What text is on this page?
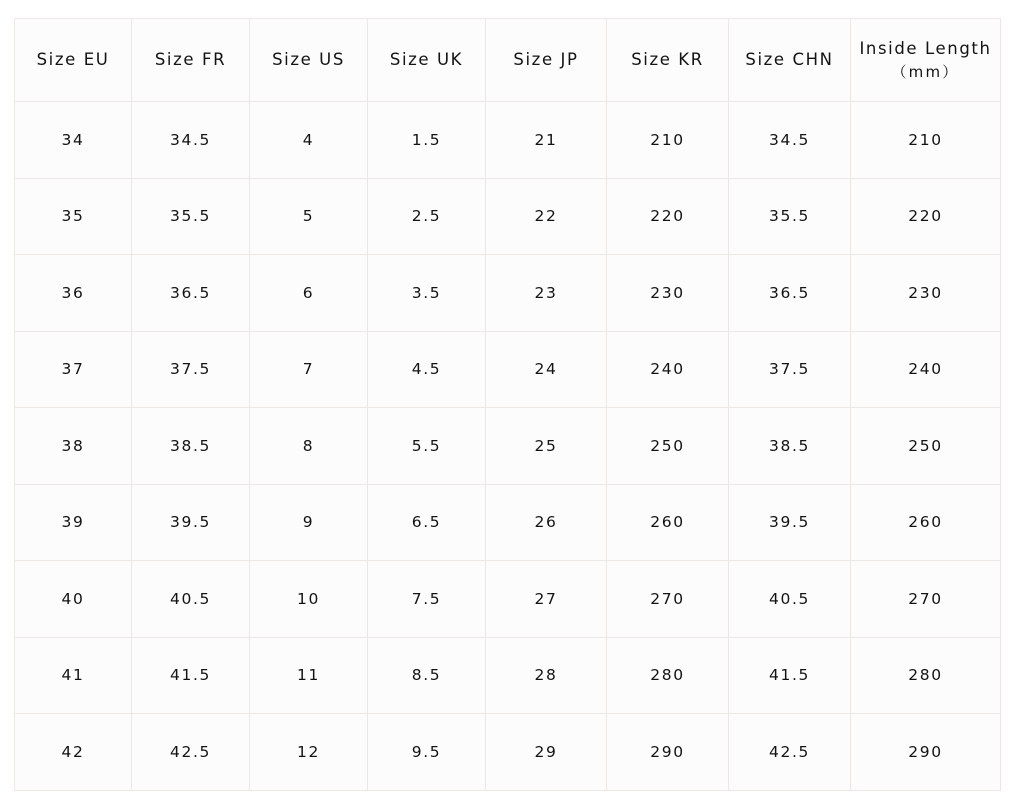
Size EU	Size FR	Size US	Size UK	Size JP	Size KR	Size CHN	Inside Length
（mm）

34	34.5	4	1.5	21	210	34.5	210
35	35.5	5	2.5	22	220	35.5	220
36	36.5	6	3.5	23	230	36.5	230
37	37.5	7	4.5	24	240	37.5	240
38	38.5	8	5.5	25	250	38.5	250
39	39.5	9	6.5	26	260	39.5	260
40	40.5	10	7.5	27	270	40.5	270
41	41.5	11	8.5	28	280	41.5	280
42	42.5	12	9.5	29	290	42.5	290
